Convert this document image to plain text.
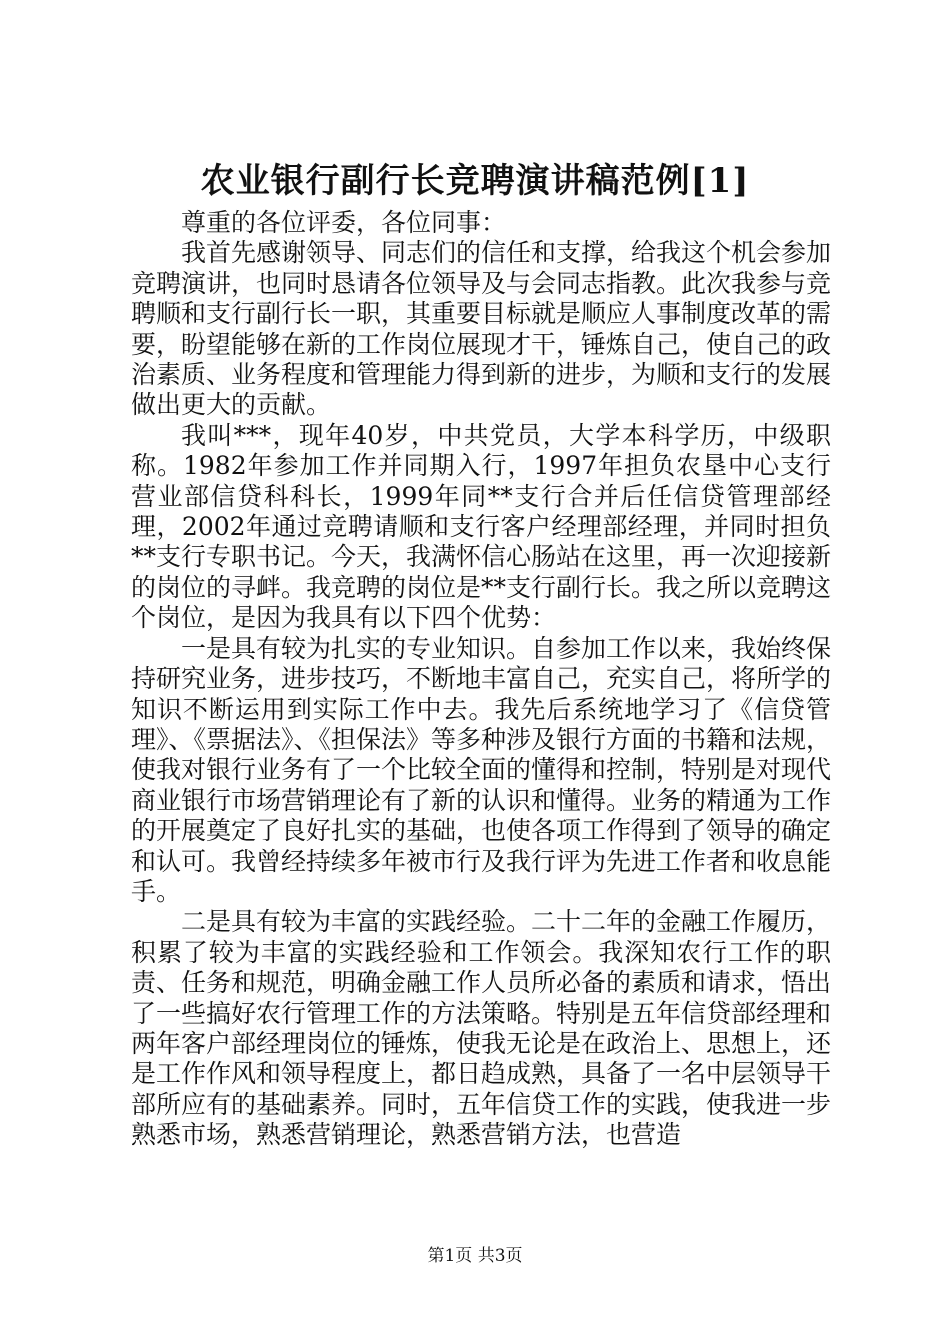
农业银行副行长竞聘演讲稿范例[1]

尊重的各位评委，各位同事：

我首先感谢领导、同志们的信任和支撑，给我这个机会参加竞聘演讲，也同时恳请各位领导及与会同志指教。此次我参与竞聘顺和支行副行长一职，其重要目标就是顺应人事制度改革的需要，盼望能够在新的工作岗位展现才干，锤炼自己，使自己的政治素质、业务程度和管理能力得到新的进步，为顺和支行的发展做出更大的贡献。

我叫***，现年40岁，中共党员，大学本科学历，中级职称。1982年参加工作并同期入行，1997年担负农垦中心支行营业部信贷科科长，1999年同**支行合并后任信贷管理部经理，2002年通过竞聘请顺和支行客户经理部经理，并同时担负**支行专职书记。今天，我满怀信心肠站在这里，再一次迎接新的岗位的寻衅。我竞聘的岗位是**支行副行长。我之所以竞聘这个岗位，是因为我具有以下四个优势：

一是具有较为扎实的专业知识。自参加工作以来，我始终保持研究业务，进步技巧，不断地丰富自己，充实自己，将所学的知识不断运用到实际工作中去。我先后系统地学习了《信贷管理》、《票据法》、《担保法》等多种涉及银行方面的书籍和法规，使我对银行业务有了一个比较全面的懂得和控制，特别是对现代商业银行市场营销理论有了新的认识和懂得。业务的精通为工作的开展奠定了良好扎实的基础，也使各项工作得到了领导的确定和认可。我曾经持续多年被市行及我行评为先进工作者和收息能手。

二是具有较为丰富的实践经验。二十二年的金融工作履历，积累了较为丰富的实践经验和工作领会。我深知农行工作的职责、任务和规范，明确金融工作人员所必备的素质和请求，悟出了一些搞好农行管理工作的方法策略。特别是五年信贷部经理和两年客户部经理岗位的锤炼，使我无论是在政治上、思想上，还是工作作风和领导程度上，都日趋成熟，具备了一名中层领导干部所应有的基础素养。同时，五年信贷工作的实践，使我进一步熟悉市场，熟悉营销理论，熟悉营销方法，也营造

第1页 共3页
